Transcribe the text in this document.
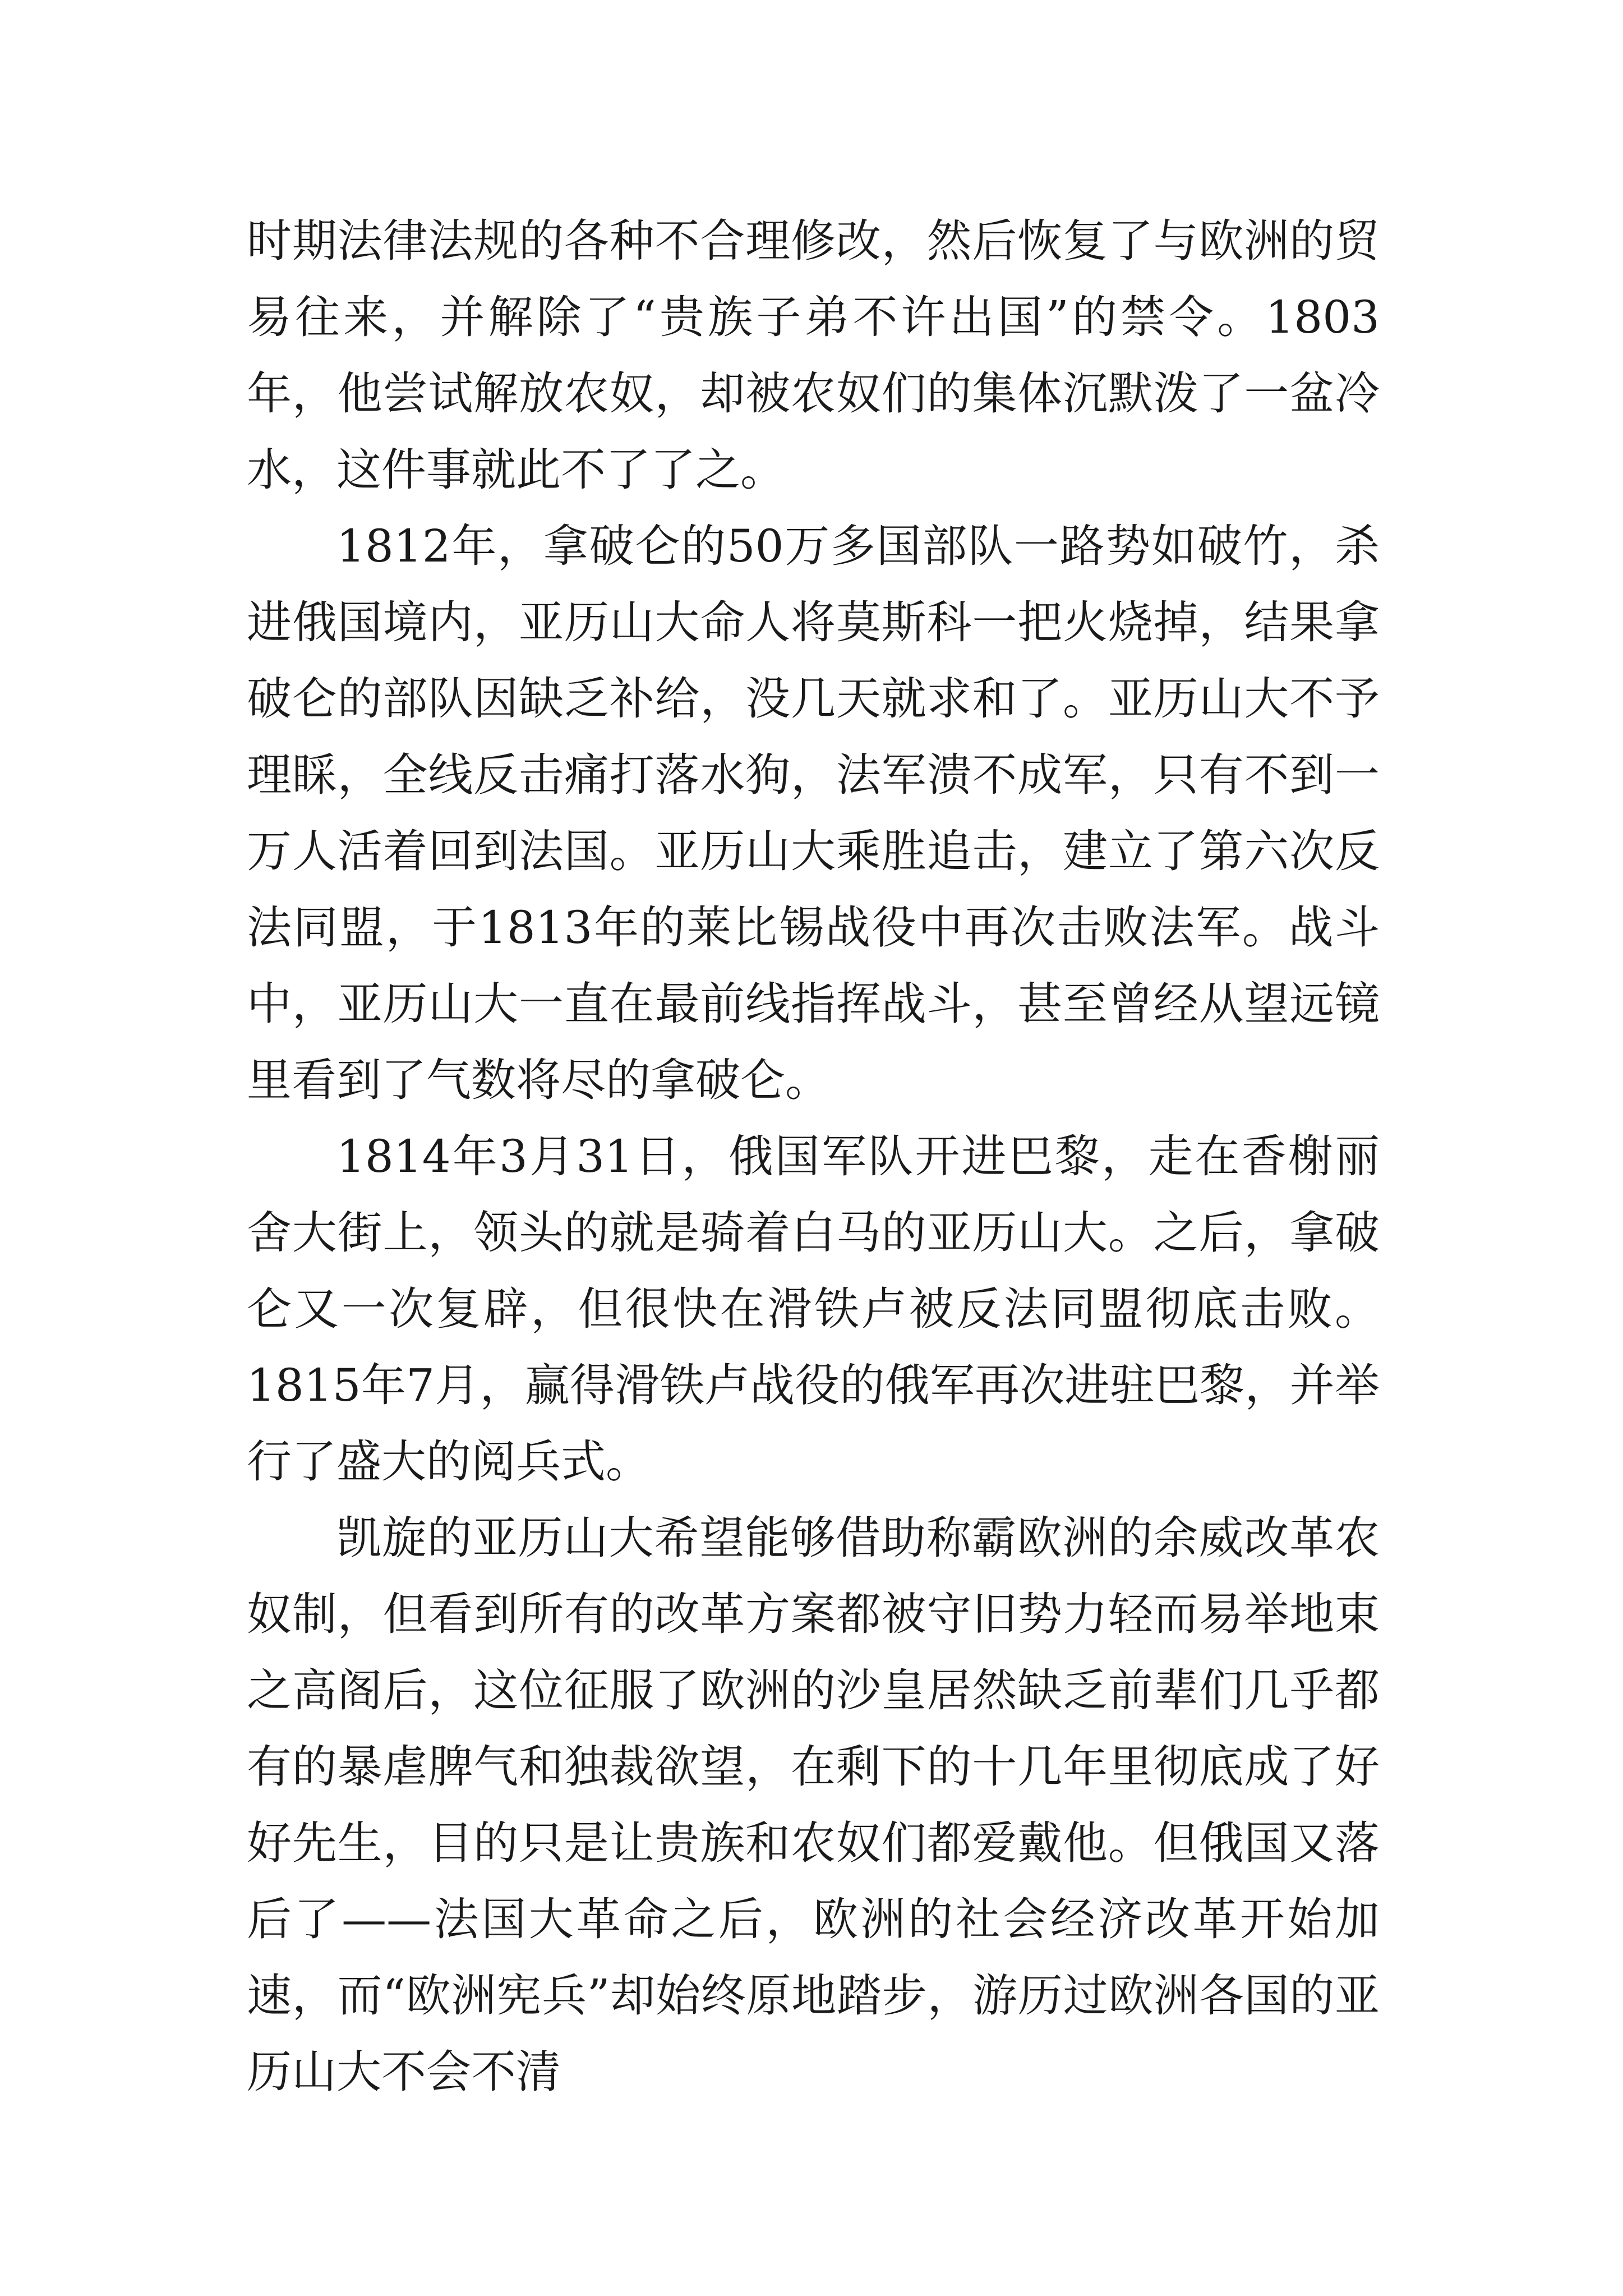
时期法律法规的各种不合理修改，然后恢复了与欧洲的贸易往来，并解除了“贵族子弟不许出国”的禁令。1803年，他尝试解放农奴，却被农奴们的集体沉默泼了一盆冷水，这件事就此不了了之。

1812年，拿破仑的50万多国部队一路势如破竹，杀进俄国境内，亚历山大命人将莫斯科一把火烧掉，结果拿破仑的部队因缺乏补给，没几天就求和了。亚历山大不予理睬，全线反击痛打落水狗，法军溃不成军，只有不到一万人活着回到法国。亚历山大乘胜追击，建立了第六次反法同盟，于1813年的莱比锡战役中再次击败法军。战斗中，亚历山大一直在最前线指挥战斗，甚至曾经从望远镜里看到了气数将尽的拿破仑。

1814年3月31日，俄国军队开进巴黎，走在香榭丽舍大街上，领头的就是骑着白马的亚历山大。之后，拿破仑又一次复辟，但很快在滑铁卢被反法同盟彻底击败。1815年7月，赢得滑铁卢战役的俄军再次进驻巴黎，并举行了盛大的阅兵式。

凯旋的亚历山大希望能够借助称霸欧洲的余威改革农奴制，但看到所有的改革方案都被守旧势力轻而易举地束之高阁后，这位征服了欧洲的沙皇居然缺乏前辈们几乎都有的暴虐脾气和独裁欲望，在剩下的十几年里彻底成了好好先生，目的只是让贵族和农奴们都爱戴他。但俄国又落后了——法国大革命之后，欧洲的社会经济改革开始加速，而“欧洲宪兵”却始终原地踏步，游历过欧洲各国的亚历山大不会不清
